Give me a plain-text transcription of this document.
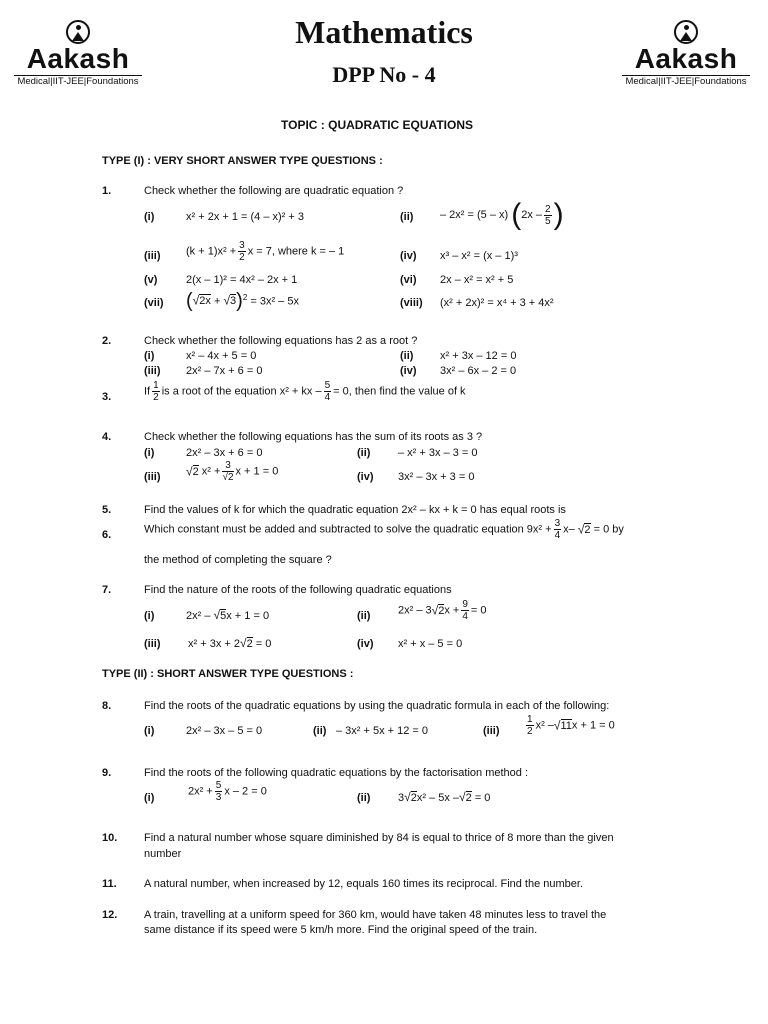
Aakash
Medical|IIT-JEE|Foundations
Aakash
Medical|IIT-JEE|Foundations
Mathematics
DPP No - 4
TOPIC : QUADRATIC EQUATIONS
TYPE (I) : VERY SHORT ANSWER TYPE QUESTIONS :
1.	Check whether the following are quadratic equation ?
(i)	x² + 2x + 1 = (4 – x)² + 3	(ii) – 2x² = (5 – x) ($2x - \frac{2}{5}$ )
(iii) $(k + 1)x^2 + \frac{3}{2}$ x = 7, where k = – 1	(iv) x³ – x² = (x – 1)³
(v)	2(x – 1)² = 4x² – 2x + 1	(vi) 2x – x² = x² + 5
(vii) $(√2x + √3)^2 = 3x^2 - 5x$	(viii) (x² + 2x)² = x⁴ + 3 + 4x²
2.	Check whether the following equations has 2 as a root ?
(i)	x² – 4x + 5 = 0	(ii) x² + 3x – 12 = 0
(iii) 2x² – 7x + 6 = 0	(iv) 3x² – 6x – 2 = 0
3.	If $\frac{1}{2}$ is a root of the equation x² + kx – $\frac{5}{4} = 0$, then find the value of k
4.	Check whether the following equations has the sum of its roots as 3 ?
(i)	2x² – 3x + 6 = 0	(ii)	– x² + 3x – 3 = 0
(iii) √2 $x^2 + \frac{3}{√2}$ x + 1 = 0	(iv) 3x² – 3x + 3 = 0
5.	Find the values of k for which the quadratic equation 2x² – kx + k = 0 has equal roots is
6.	Which constant must be added and subtracted to solve the quadratic equation $9x^2 + \frac{3}{4} x-$ √2 = 0 by
the method of completing the square ?
7.	Find the nature of the roots of the following quadratic equations
(i)	2x² – √5x + 1 = 0	(ii)	$2x^2 - 3√2x + \frac{9}{4} = 0$
(iii)	x² + 3x + 2√2 = 0	(iv) x² + x – 5 = 0
TYPE (II) : SHORT ANSWER TYPE QUESTIONS :
8.	Find the roots of the quadratic equations by using the quadratic formula in each of the following:
(i)	2x² – 3x – 5 = 0	(ii) – 3x² + 5x + 12 = 0	(iii)	$\frac{1}{2} x^2$ –√11x + 1 = 0
9.	Find the roots of the following quadratic equations by the factorisation method :
(i)
$2x^2 + \frac{5}{3}$ x – 2 = 0
(ii)	3√2x² – 5x –√2 = 0
10. Find a natural number whose square diminished by 84 is equal to thrice of 8 more than the given
number
11. A natural number, when increased by 12, equals 160 times its reciprocal. Find the number.
12. A train, travelling at a uniform speed for 360 km, would have taken 48 minutes less to travel the
same distance if its speed were 5 km/h more. Find the original speed of the train.
